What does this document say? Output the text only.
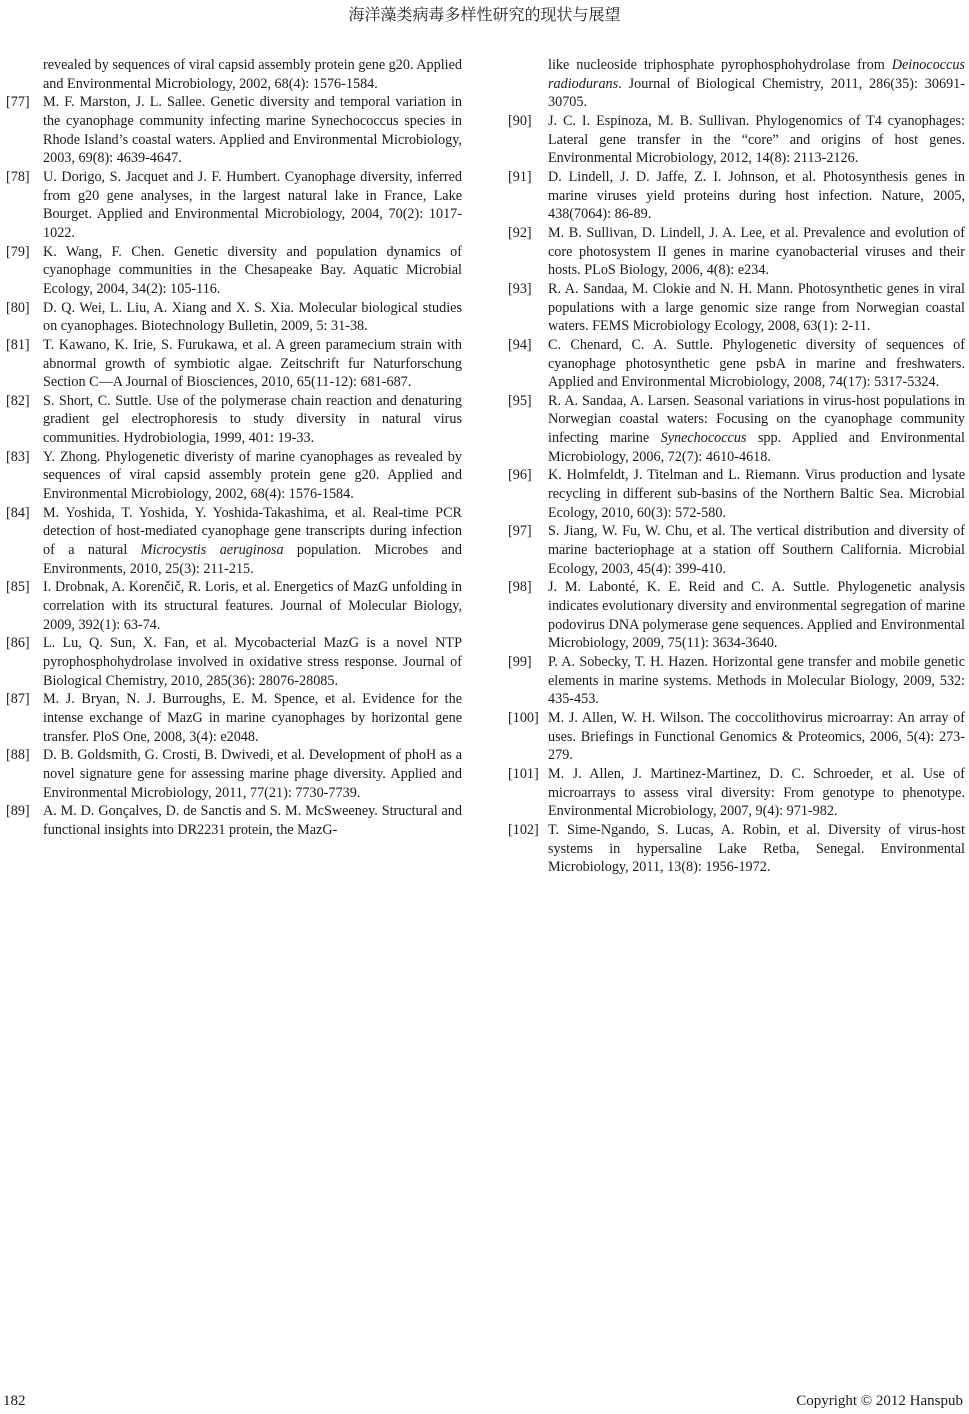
海洋藻类病毒多样性研究的现状与展望
revealed by sequences of viral capsid assembly protein gene g20. Applied and Environmental Microbiology, 2002, 68(4): 1576-1584.
[77] M. F. Marston, J. L. Sallee. Genetic diversity and temporal variation in the cyanophage community infecting marine Synechococcus species in Rhode Island’s coastal waters. Applied and Environmental Microbiology, 2003, 69(8): 4639-4647.
[78] U. Dorigo, S. Jacquet and J. F. Humbert. Cyanophage diversity, inferred from g20 gene analyses, in the largest natural lake in France, Lake Bourget. Applied and Environmental Microbiology, 2004, 70(2): 1017-1022.
[79] K. Wang, F. Chen. Genetic diversity and population dynamics of cyanophage communities in the Chesapeake Bay. Aquatic Microbial Ecology, 2004, 34(2): 105-116.
[80] D. Q. Wei, L. Liu, A. Xiang and X. S. Xia. Molecular biological studies on cyanophages. Biotechnology Bulletin, 2009, 5: 31-38.
[81] T. Kawano, K. Irie, S. Furukawa, et al. A green paramecium strain with abnormal growth of symbiotic algae. Zeitschrift fur Naturforschung Section C—A Journal of Biosciences, 2010, 65(11-12): 681-687.
[82] S. Short, C. Suttle. Use of the polymerase chain reaction and denaturing gradient gel electrophoresis to study diversity in natural virus communities. Hydrobiologia, 1999, 401: 19-33.
[83] Y. Zhong. Phylogenetic diveristy of marine cyanophages as revealed by sequences of viral capsid assembly protein gene g20. Applied and Environmental Microbiology, 2002, 68(4): 1576-1584.
[84] M. Yoshida, T. Yoshida, Y. Yoshida-Takashima, et al. Real-time PCR detection of host-mediated cyanophage gene transcripts during infection of a natural Microcystis aeruginosa population. Microbes and Environments, 2010, 25(3): 211-215.
[85] I. Drobnak, A. Korenčič, R. Loris, et al. Energetics of MazG unfolding in correlation with its structural features. Journal of Molecular Biology, 2009, 392(1): 63-74.
[86] L. Lu, Q. Sun, X. Fan, et al. Mycobacterial MazG is a novel NTP pyrophosphohydrolase involved in oxidative stress response. Journal of Biological Chemistry, 2010, 285(36): 28076-28085.
[87] M. J. Bryan, N. J. Burroughs, E. M. Spence, et al. Evidence for the intense exchange of MazG in marine cyanophages by horizontal gene transfer. PloS One, 2008, 3(4): e2048.
[88] D. B. Goldsmith, G. Crosti, B. Dwivedi, et al. Development of phoH as a novel signature gene for assessing marine phage diversity. Applied and Environmental Microbiology, 2011, 77(21): 7730-7739.
[89] A. M. D. Gonçalves, D. de Sanctis and S. M. McSweeney. Structural and functional insights into DR2231 protein, the MazG-
like nucleoside triphosphate pyrophosphohydrolase from Deinococcus radiodurans. Journal of Biological Chemistry, 2011, 286(35): 30691-30705.
[90] J. C. I. Espinoza, M. B. Sullivan. Phylogenomics of T4 cyanophages: Lateral gene transfer in the “core” and origins of host genes. Environmental Microbiology, 2012, 14(8): 2113-2126.
[91] D. Lindell, J. D. Jaffe, Z. I. Johnson, et al. Photosynthesis genes in marine viruses yield proteins during host infection. Nature, 2005, 438(7064): 86-89.
[92] M. B. Sullivan, D. Lindell, J. A. Lee, et al. Prevalence and evolution of core photosystem II genes in marine cyanobacterial viruses and their hosts. PLoS Biology, 2006, 4(8): e234.
[93] R. A. Sandaa, M. Clokie and N. H. Mann. Photosynthetic genes in viral populations with a large genomic size range from Norwegian coastal waters. FEMS Microbiology Ecology, 2008, 63(1): 2-11.
[94] C. Chenard, C. A. Suttle. Phylogenetic diversity of sequences of cyanophage photosynthetic gene psbA in marine and freshwaters. Applied and Environmental Microbiology, 2008, 74(17): 5317-5324.
[95] R. A. Sandaa, A. Larsen. Seasonal variations in virus-host populations in Norwegian coastal waters: Focusing on the cyanophage community infecting marine Synechococcus spp. Applied and Environmental Microbiology, 2006, 72(7): 4610-4618.
[96] K. Holmfeldt, J. Titelman and L. Riemann. Virus production and lysate recycling in different sub-basins of the Northern Baltic Sea. Microbial Ecology, 2010, 60(3): 572-580.
[97] S. Jiang, W. Fu, W. Chu, et al. The vertical distribution and diversity of marine bacteriophage at a station off Southern California. Microbial Ecology, 2003, 45(4): 399-410.
[98] J. M. Labonté, K. E. Reid and C. A. Suttle. Phylogenetic analysis indicates evolutionary diversity and environmental segregation of marine podovirus DNA polymerase gene sequences. Applied and Environmental Microbiology, 2009, 75(11): 3634-3640.
[99] P. A. Sobecky, T. H. Hazen. Horizontal gene transfer and mobile genetic elements in marine systems. Methods in Molecular Biology, 2009, 532: 435-453.
[100] M. J. Allen, W. H. Wilson. The coccolithovirus microarray: An array of uses. Briefings in Functional Genomics & Proteomics, 2006, 5(4): 273-279.
[101] M. J. Allen, J. Martinez-Martinez, D. C. Schroeder, et al. Use of microarrays to assess viral diversity: From genotype to phenotype. Environmental Microbiology, 2007, 9(4): 971-982.
[102] T. Sime-Ngando, S. Lucas, A. Robin, et al. Diversity of virus-host systems in hypersaline Lake Retba, Senegal. Environmental Microbiology, 2011, 13(8): 1956-1972.
182	Copyright © 2012 Hanspub
